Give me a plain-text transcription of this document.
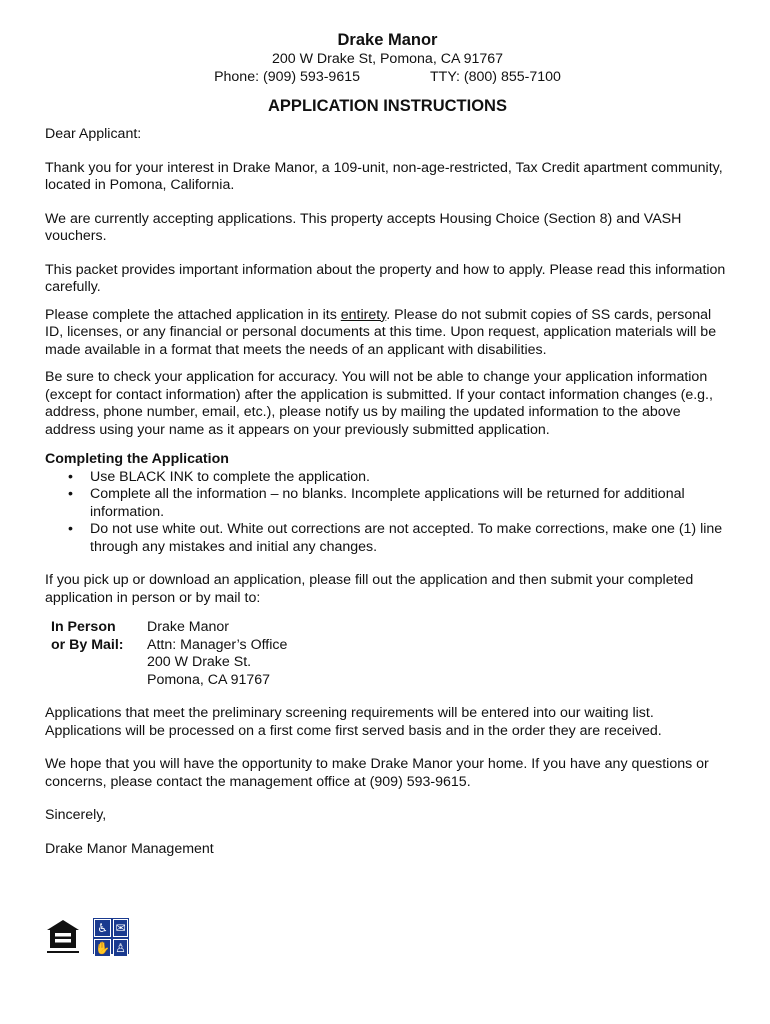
Drake Manor
200 W Drake St, Pomona, CA 91767
Phone: (909) 593-9615	TTY: (800) 855-7100
APPLICATION INSTRUCTIONS

Dear Applicant:

Thank you for your interest in Drake Manor, a 109-unit, non-age-restricted, Tax Credit apartment community, located in Pomona, California.

We are currently accepting applications. This property accepts Housing Choice (Section 8) and VASH vouchers.

This packet provides important information about the property and how to apply. Please read this information carefully.

Please complete the attached application in its entirety. Please do not submit copies of SS cards, personal ID, licenses, or any financial or personal documents at this time. Upon request, application materials will be made available in a format that meets the needs of an applicant with disabilities.

Be sure to check your application for accuracy. You will not be able to change your application information (except for contact information) after the application is submitted. If your contact information changes (e.g., address, phone number, email, etc.), please notify us by mailing the updated information to the above address using your name as it appears on your previously submitted application.

Completing the Application
• Use BLACK INK to complete the application.
• Complete all the information – no blanks. Incomplete applications will be returned for additional information.
• Do not use white out. White out corrections are not accepted. To make corrections, make one (1) line through any mistakes and initial any changes.

If you pick up or download an application, please fill out the application and then submit your completed application in person or by mail to:

In Person
or By Mail:
Drake Manor
Attn: Manager’s Office
200 W Drake St.
Pomona, CA 91767

Applications that meet the preliminary screening requirements will be entered into our waiting list. Applications will be processed on a first come first served basis and in the order they are received.

We hope that you will have the opportunity to make Drake Manor your home. If you have any questions or concerns, please contact the management office at (909) 593-9615.

Sincerely,

Drake Manor Management

♿ ✉
✋ ♙
